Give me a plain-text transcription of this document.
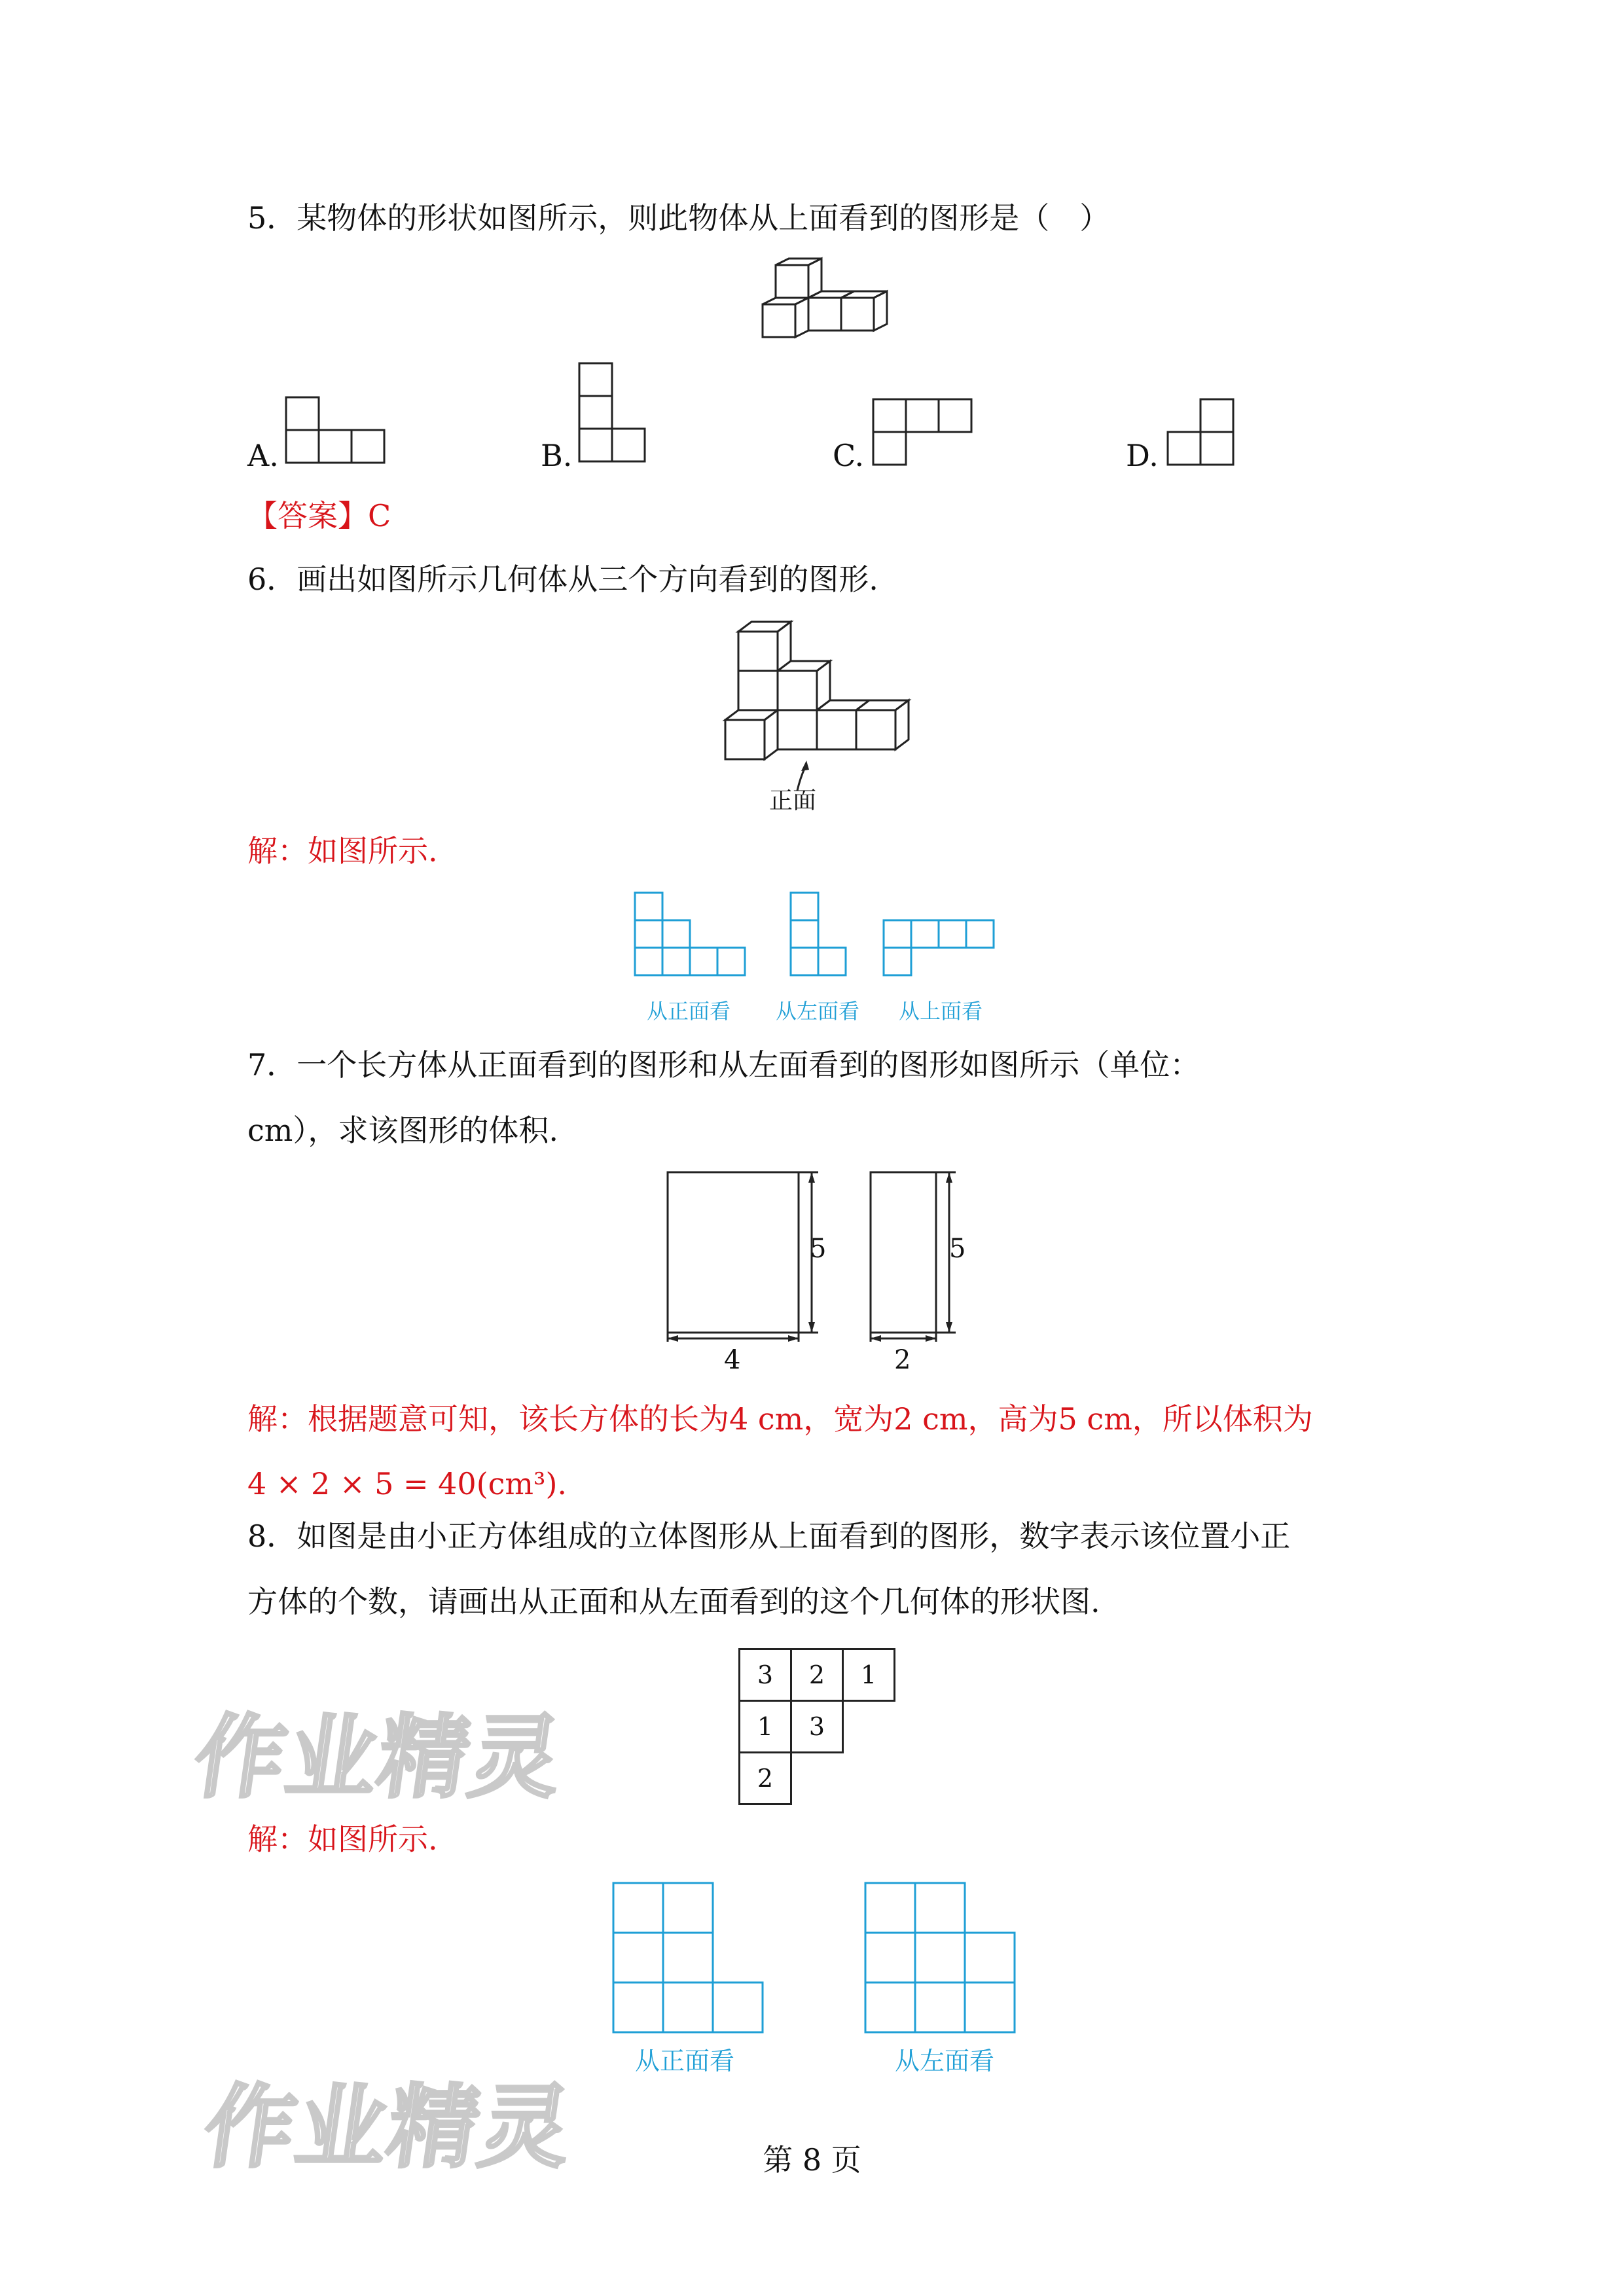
5．某物体的形状如图所示，则此物体从上面看到的图形是（　）
A.	B.	C.	D.
【答案】C
6．画出如图所示几何体从三个方向看到的图形.
正面
解：如图所示.
从正面看 从左面看 从上面看
7．一个长方体从正面看到的图形和从左面看到的图形如图所示（单位：
cm），求该图形的体积.
5
4
5
2
解：根据题意可知，该长方体的长为4 cm，宽为2 cm，高为5 cm，所以体积为
4 × 2 × 5 = 40(cm³).
8．如图是由小正方体组成的立体图形从上面看到的图形，数字表示该位置小正
方体的个数，请画出从正面和从左面看到的这个几何体的形状图.
3	2	1
1	3
2
作业精灵
解：如图所示.
从正面看	从左面看
作业精灵	第 8 页
